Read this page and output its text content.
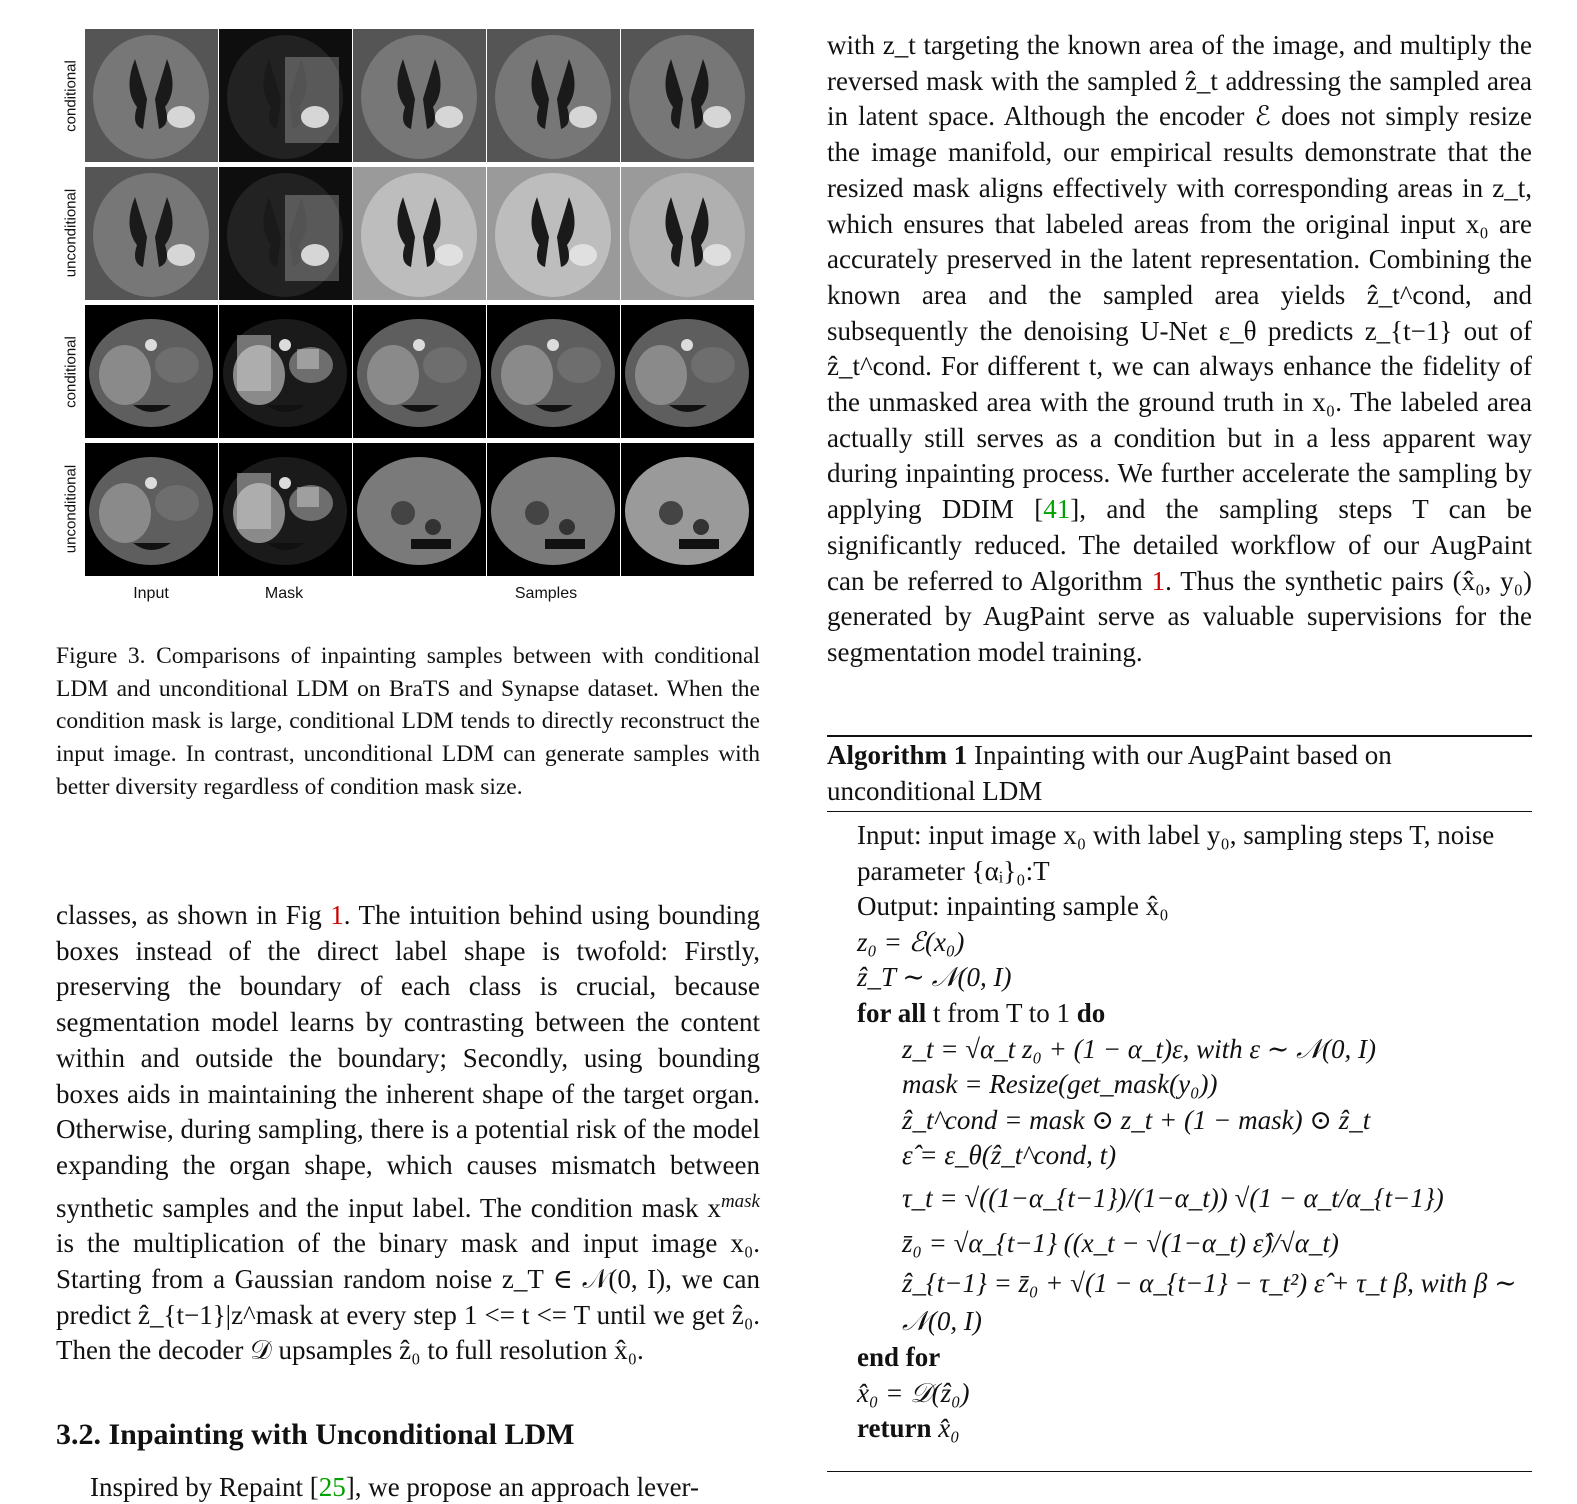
conditional
unconditional
conditional
unconditional
Input	Mask	Samples
Figure 3. Comparisons of inpainting samples between with conditional LDM and unconditional LDM on BraTS and Synapse dataset. When the condition mask is large, conditional LDM tends to directly reconstruct the input image. In contrast, unconditional LDM can generate samples with better diversity regardless of condition mask size.

classes, as shown in Fig 1. The intuition behind using bounding boxes instead of the direct label shape is twofold: Firstly, preserving the boundary of each class is crucial, because segmentation model learns by contrasting between the content within and outside the boundary; Secondly, using bounding boxes aids in maintaining the inherent shape of the target organ. Otherwise, during sampling, there is a potential risk of the model expanding the organ shape, which causes mismatch between synthetic samples and the input label. The condition mask $x^{mask}$ is the multiplication of the binary mask and input image x₀. Starting from a Gaussian random noise z_T ∈ 𝒩(0, I), we can predict ẑ_{t−1}|z^mask at every step 1 <= t <= T until we get ẑ₀. Then the decoder 𝒟 upsamples ẑ₀ to full resolution x̂₀.

3.2. Inpainting with Unconditional LDM
Inspired by Repaint [25], we propose an approach lever-

with z_t targeting the known area of the image, and multiply the reversed mask with the sampled ẑ_t addressing the sampled area in latent space. Although the encoder ℰ does not simply resize the image manifold, our empirical results demonstrate that the resized mask aligns effectively with corresponding areas in z_t, which ensures that labeled areas from the original input x₀ are accurately preserved in the latent representation. Combining the known area and the sampled area yields ẑ_t^cond, and subsequently the denoising U-Net ε_θ predicts z_{t−1} out of ẑ_t^cond. For different t, we can always enhance the fidelity of the unmasked area with the ground truth in x₀. The labeled area actually still serves as a condition but in a less apparent way during inpainting process. We further accelerate the sampling by applying DDIM [41], and the sampling steps T can be significantly reduced. The detailed workflow of our AugPaint can be referred to Algorithm 1. Thus the synthetic pairs (x̂₀, y₀) generated by AugPaint serve as valuable supervisions for the segmentation model training.

Algorithm 1 Inpainting with our AugPaint based on unconditional LDM
Input: input image x₀ with label y₀, sampling steps T, noise parameter {αᵢ}₀:T
Output: inpainting sample x̂₀
z₀ = ℰ(x₀)
ẑ_T ∼ 𝒩(0, I)
for all t from T to 1 do
z_t = √α_t z₀ + (1 − α_t)ε, with ε ∼ 𝒩(0, I)
mask = Resize(get_mask(y₀))
ẑ_t^cond = mask ⊙ z_t + (1 − mask) ⊙ ẑ_t
ε̂ = ε_θ(ẑ_t^cond, t)
τ_t = √((1−α_{t−1})/(1−α_t)) √(1 − α_t/α_{t−1})
z̄₀ = √α_{t−1} ((x_t − √(1−α_t) ε̂)/√α_t)
ẑ_{t−1} = z̄₀ + √(1 − α_{t−1} − τ_t²) ε̂ + τ_t β, with β ∼ 𝒩(0, I)
end for
x̂₀ = 𝒟(ẑ₀)
return x̂₀
